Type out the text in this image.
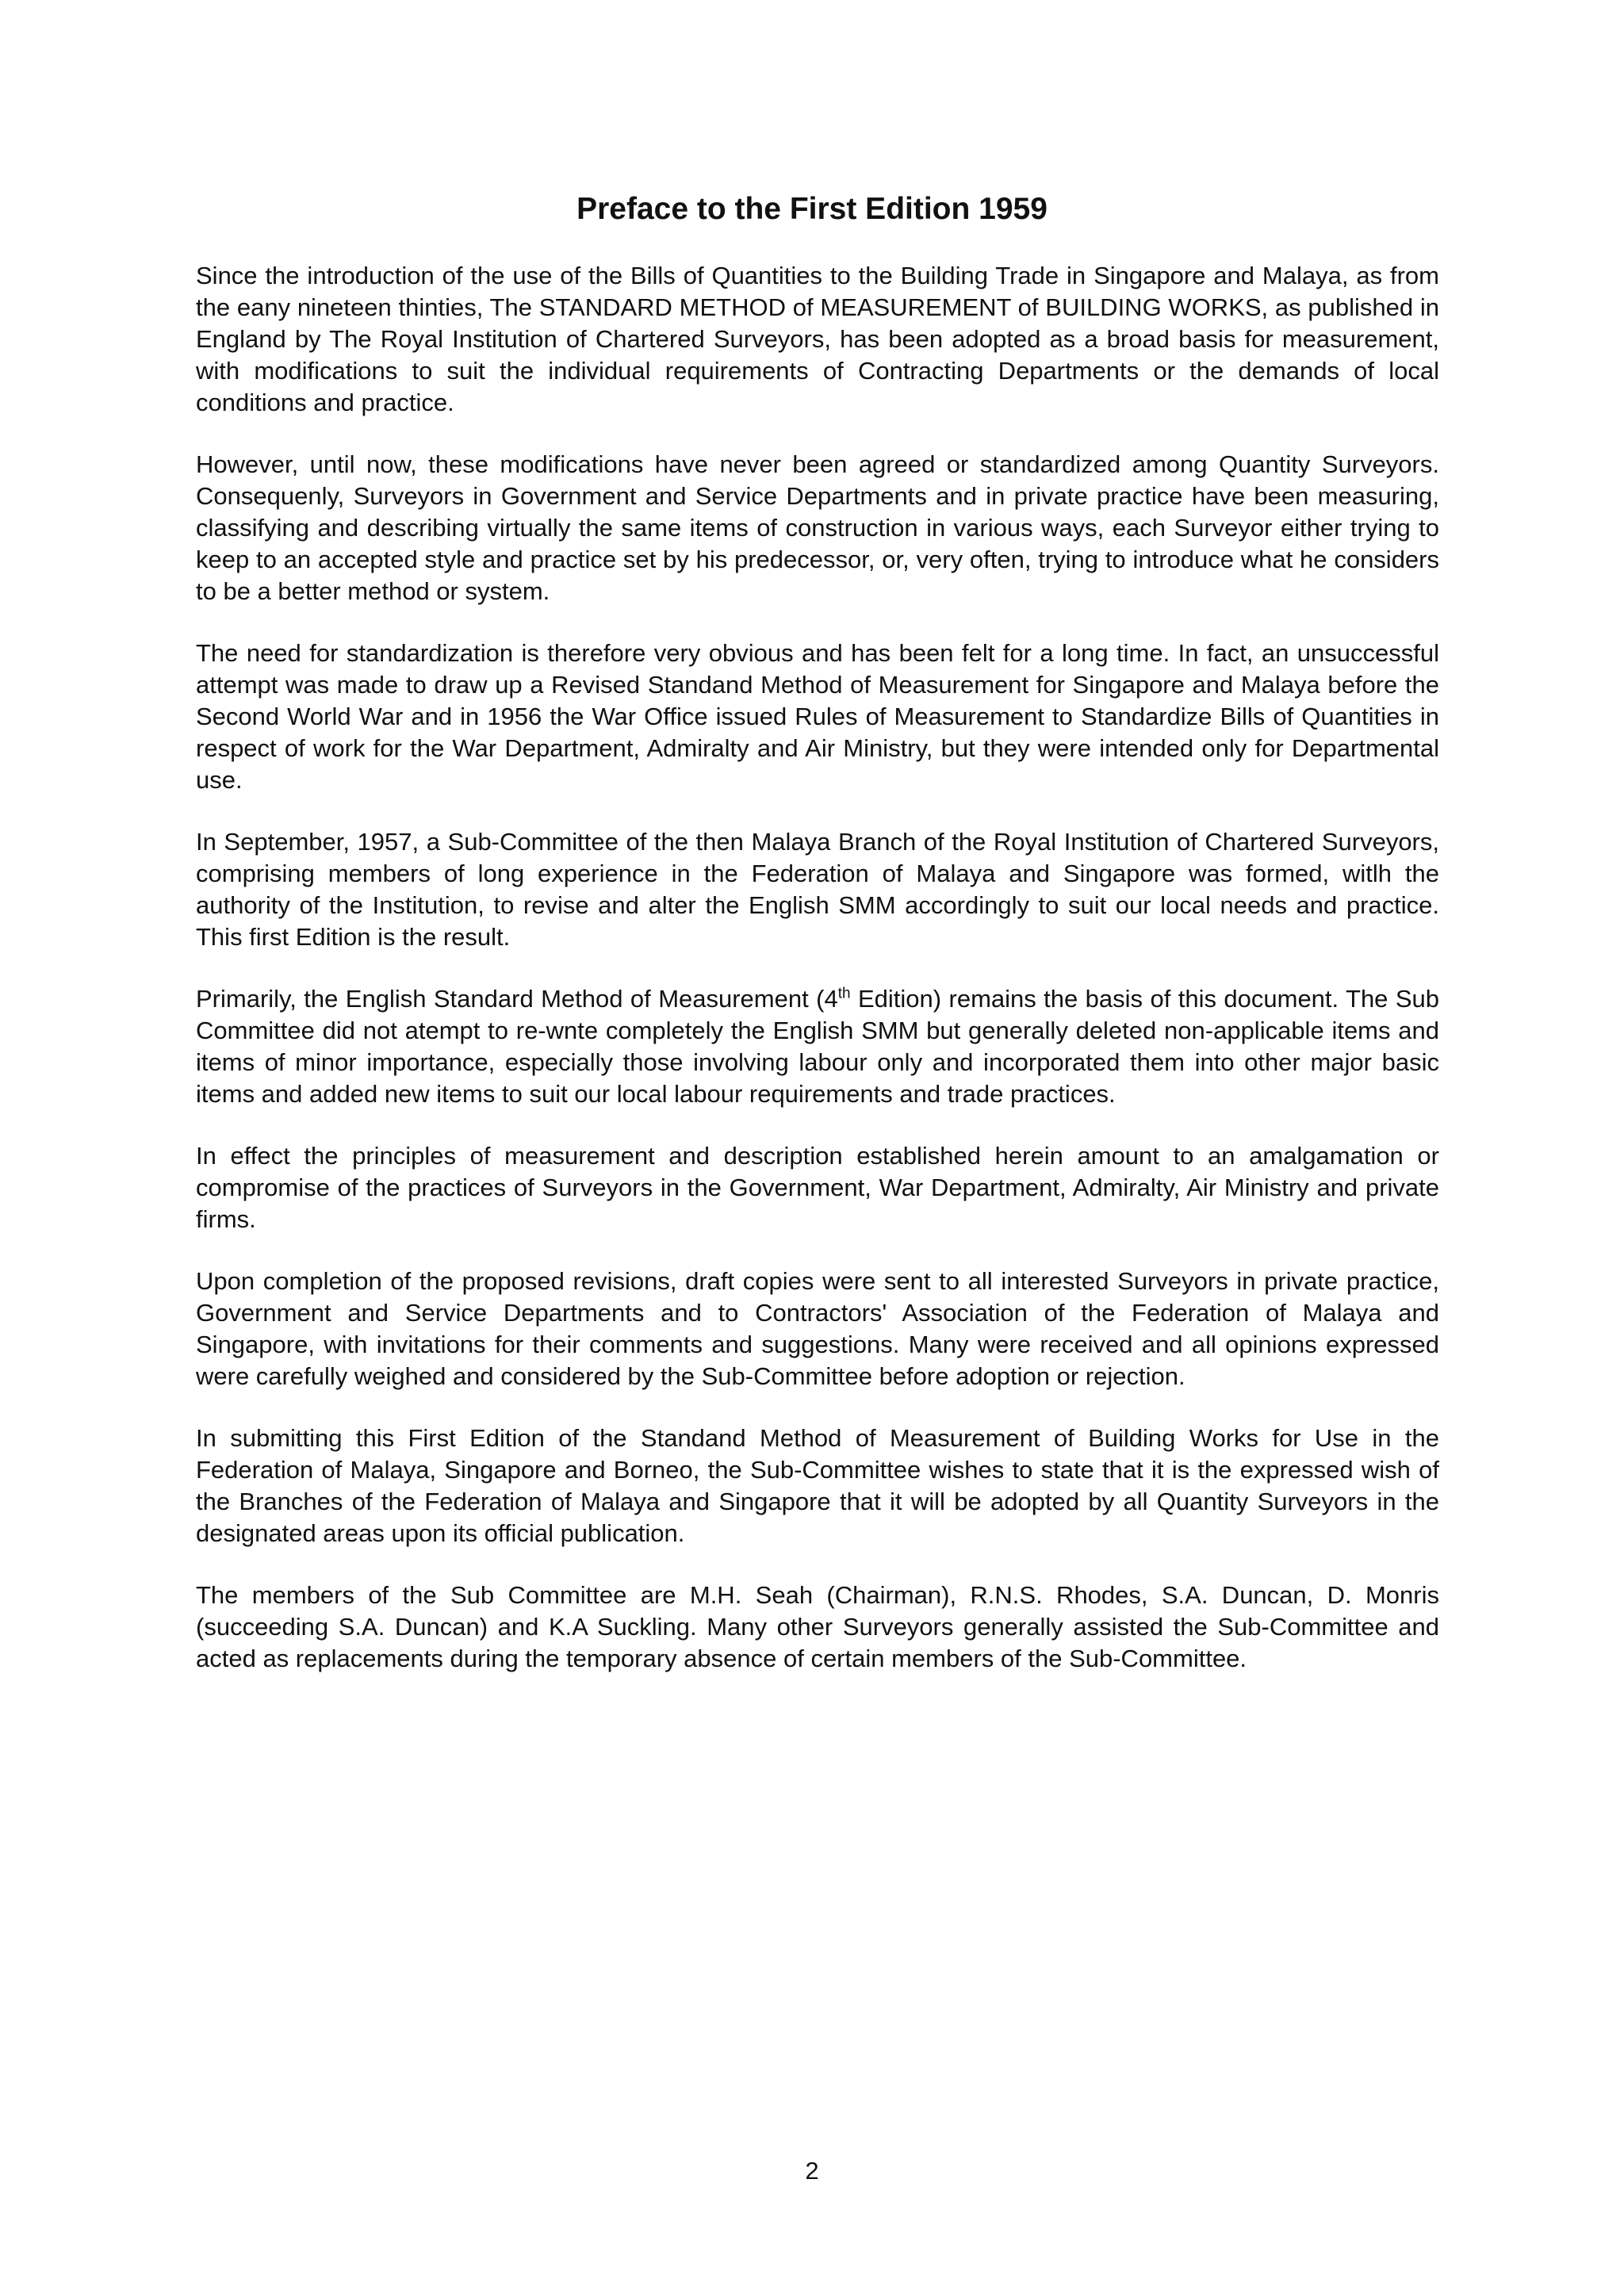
Preface to the First Edition 1959

Since the introduction of the use of the Bills of Quantities to the Building Trade in Singapore and Malaya, as from the eany nineteen thinties, The STANDARD METHOD of MEASUREMENT of BUILDING WORKS, as published in England by The Royal Institution of Chartered Surveyors, has been adopted as a broad basis for measurement, with modifications to suit the individual requirements of Contracting Departments or the demands of local conditions and practice.

However, until now, these modifications have never been agreed or standardized among Quantity Surveyors. Consequenly, Surveyors in Government and Service Departments and in private practice have been measuring, classifying and describing virtually the same items of construction in various ways, each Surveyor either trying to keep to an accepted style and practice set by his predecessor, or, very often, trying to introduce what he considers to be a better method or system.

The need for standardization is therefore very obvious and has been felt for a long time. In fact, an unsuccessful attempt was made to draw up a Revised Standand Method of Measurement for Singapore and Malaya before the Second World War and in 1956 the War Office issued Rules of Measurement to Standardize Bills of Quantities in respect of work for the War Department, Admiralty and Air Ministry, but they were intended only for Departmental use.

In September, 1957, a Sub-Committee of the then Malaya Branch of the Royal Institution of Chartered Surveyors, comprising members of long experience in the Federation of Malaya and Singapore was formed, witlh the authority of the Institution, to revise and alter the English SMM accordingly to suit our local needs and practice. This first Edition is the result.

Primarily, the English Standard Method of Measurement (4th Edition) remains the basis of this document. The Sub Committee did not atempt to re-wnte completely the English SMM but generally deleted non-applicable items and items of minor importance, especially those involving labour only and incorporated them into other major basic items and added new items to suit our local labour requirements and trade practices.

In effect the principles of measurement and description established herein amount to an amalgamation or compromise of the practices of Surveyors in the Government, War Department, Admiralty, Air Ministry and private firms.

Upon completion of the proposed revisions, draft copies were sent to all interested Surveyors in private practice, Government and Service Departments and to Contractors' Association of the Federation of Malaya and Singapore, with invitations for their comments and suggestions. Many were received and all opinions expressed were carefully weighed and considered by the Sub-Committee before adoption or rejection.

In submitting this First Edition of the Standand Method of Measurement of Building Works for Use in the Federation of Malaya, Singapore and Borneo, the Sub-Committee wishes to state that it is the expressed wish of the Branches of the Federation of Malaya and Singapore that it will be adopted by all Quantity Surveyors in the designated areas upon its official publication.

The members of the Sub Committee are M.H. Seah (Chairman), R.N.S. Rhodes, S.A. Duncan, D. Monris (succeeding S.A. Duncan) and K.A Suckling. Many other Surveyors generally assisted the Sub-Committee and acted as replacements during the temporary absence of certain members of the Sub-Committee.

2
